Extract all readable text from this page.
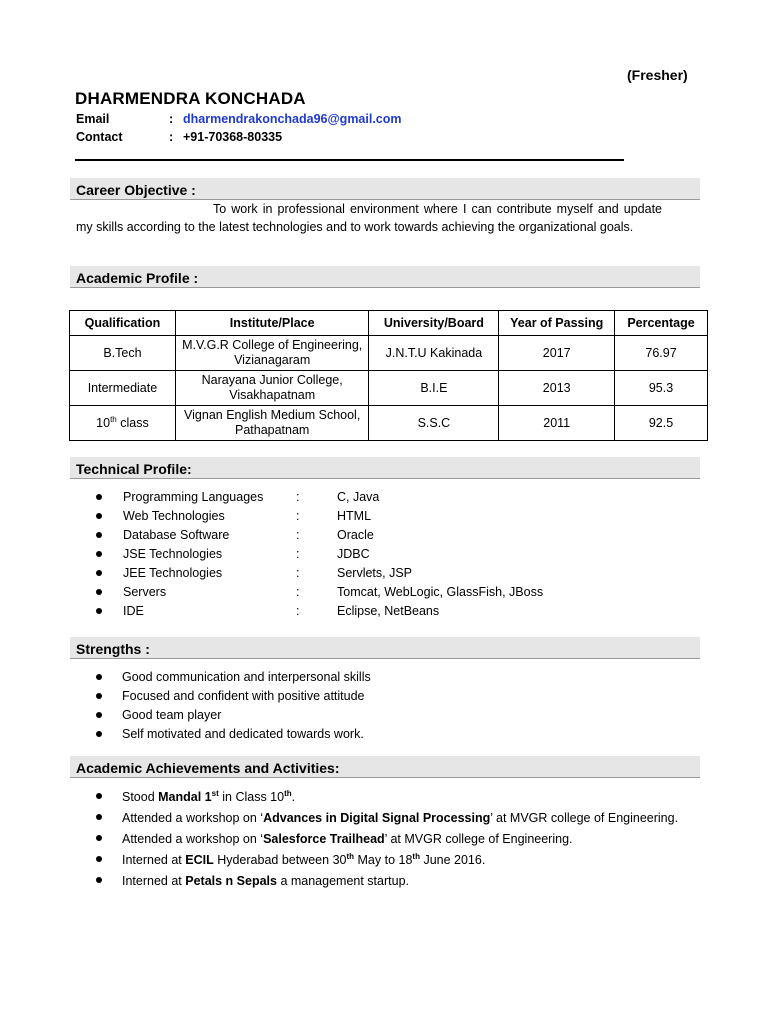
(Fresher)
DHARMENDRA KONCHADA
Email	: dharmendrakonchada96@gmail.com
Contact	: +91-70368-80335
Career Objective :
To work in professional environment where I can contribute myself and update my skills according to the latest technologies and to work towards achieving the organizational goals.
Academic Profile :
Qualification	Institute/Place	University/Board	Year of Passing	Percentage
B.Tech	M.V.G.R College of Engineering, Vizianagaram	J.N.T.U Kakinada	2017	76.97
Intermediate	Narayana Junior College, Visakhapatnam	B.I.E	2013	95.3
10th class	Vignan English Medium School, Pathapatnam	S.S.C	2011	92.5
Technical Profile:
Programming Languages	:	C, Java
Web Technologies	:	HTML
Database Software	:	Oracle
JSE Technologies	:	JDBC
JEE Technologies	:	Servlets, JSP
Servers	:	Tomcat, WebLogic, GlassFish, JBoss
IDE	:	Eclipse, NetBeans
Strengths :
Good communication and interpersonal skills
Focused and confident with positive attitude
Good team player
Self motivated and dedicated towards work.
Academic Achievements and Activities:
Stood Mandal 1st in Class 10th.
Attended a workshop on ‘Advances in Digital Signal Processing’ at MVGR college of Engineering.
Attended a workshop on ‘Salesforce Trailhead’ at MVGR college of Engineering.
Interned at ECIL Hyderabad between 30th May to 18th June 2016.
Interned at Petals n Sepals a management startup.
